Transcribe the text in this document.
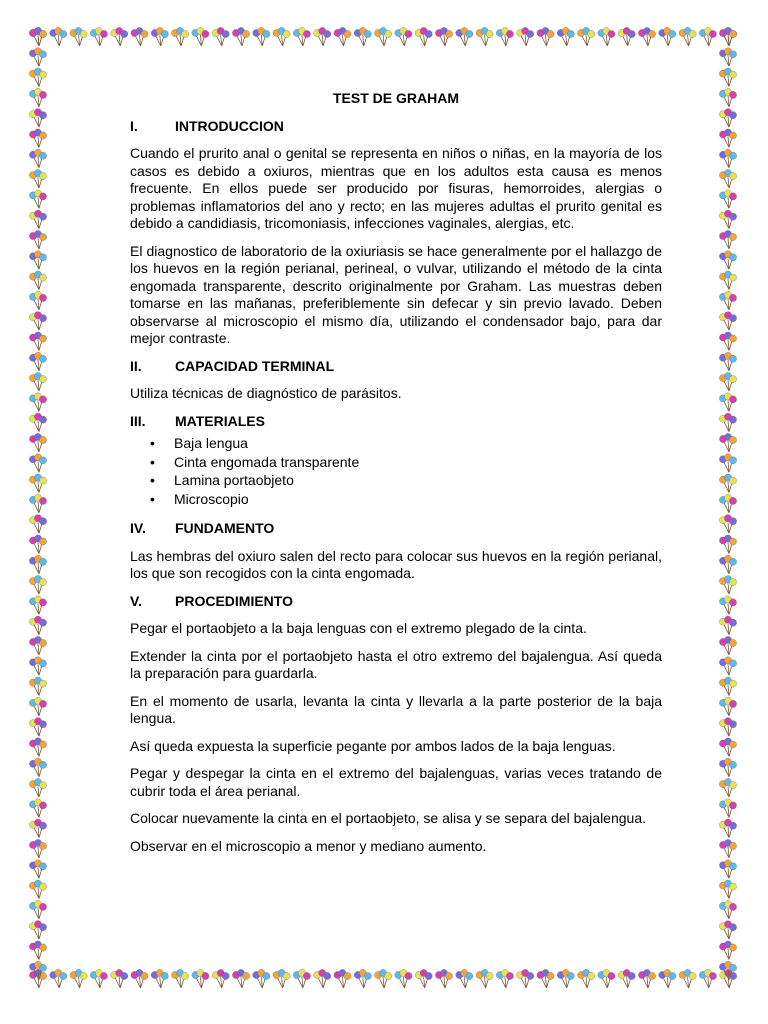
TEST DE GRAHAM
I.	INTRODUCCION

Cuando el prurito anal o genital se representa en niños o niñas, en la mayoría de los casos es debido a oxiuros, mientras que en los adultos esta causa es menos frecuente. En ellos puede ser producido por fisuras, hemorroides, alergias o problemas inflamatorios del ano y recto; en las mujeres adultas el prurito genital es debido a candidiasis, tricomoniasis, infecciones vaginales, alergias, etc.

El diagnostico de laboratorio de la oxiuriasis se hace generalmente por el hallazgo de los huevos en la región perianal, perineal, o vulvar, utilizando el método de la cinta engomada transparente, descrito originalmente por Graham. Las muestras deben tomarse en las mañanas, preferiblemente sin defecar y sin previo lavado. Deben observarse al microscopio el mismo día, utilizando el condensador bajo, para dar mejor contraste.

II.	CAPACIDAD TERMINAL

Utiliza técnicas de diagnóstico de parásitos.

III.	MATERIALES
• Baja lengua
• Cinta engomada transparente
• Lamina portaobjeto
• Microscopio
IV.	FUNDAMENTO

Las hembras del oxiuro salen del recto para colocar sus huevos en la región perianal, los que son recogidos con la cinta engomada.

V.	PROCEDIMIENTO

Pegar el portaobjeto a la baja lenguas con el extremo plegado de la cinta.

Extender la cinta por el portaobjeto hasta el otro extremo del bajalengua. Así queda la preparación para guardarla.

En el momento de usarla, levanta la cinta y llevarla a la parte posterior de la baja lengua.

Así queda expuesta la superficie pegante por ambos lados de la baja lenguas.

Pegar y despegar la cinta en el extremo del bajalenguas, varias veces tratando de cubrir toda el área perianal.

Colocar nuevamente la cinta en el portaobjeto, se alisa y se separa del bajalengua.

Observar en el microscopio a menor y mediano aumento.
